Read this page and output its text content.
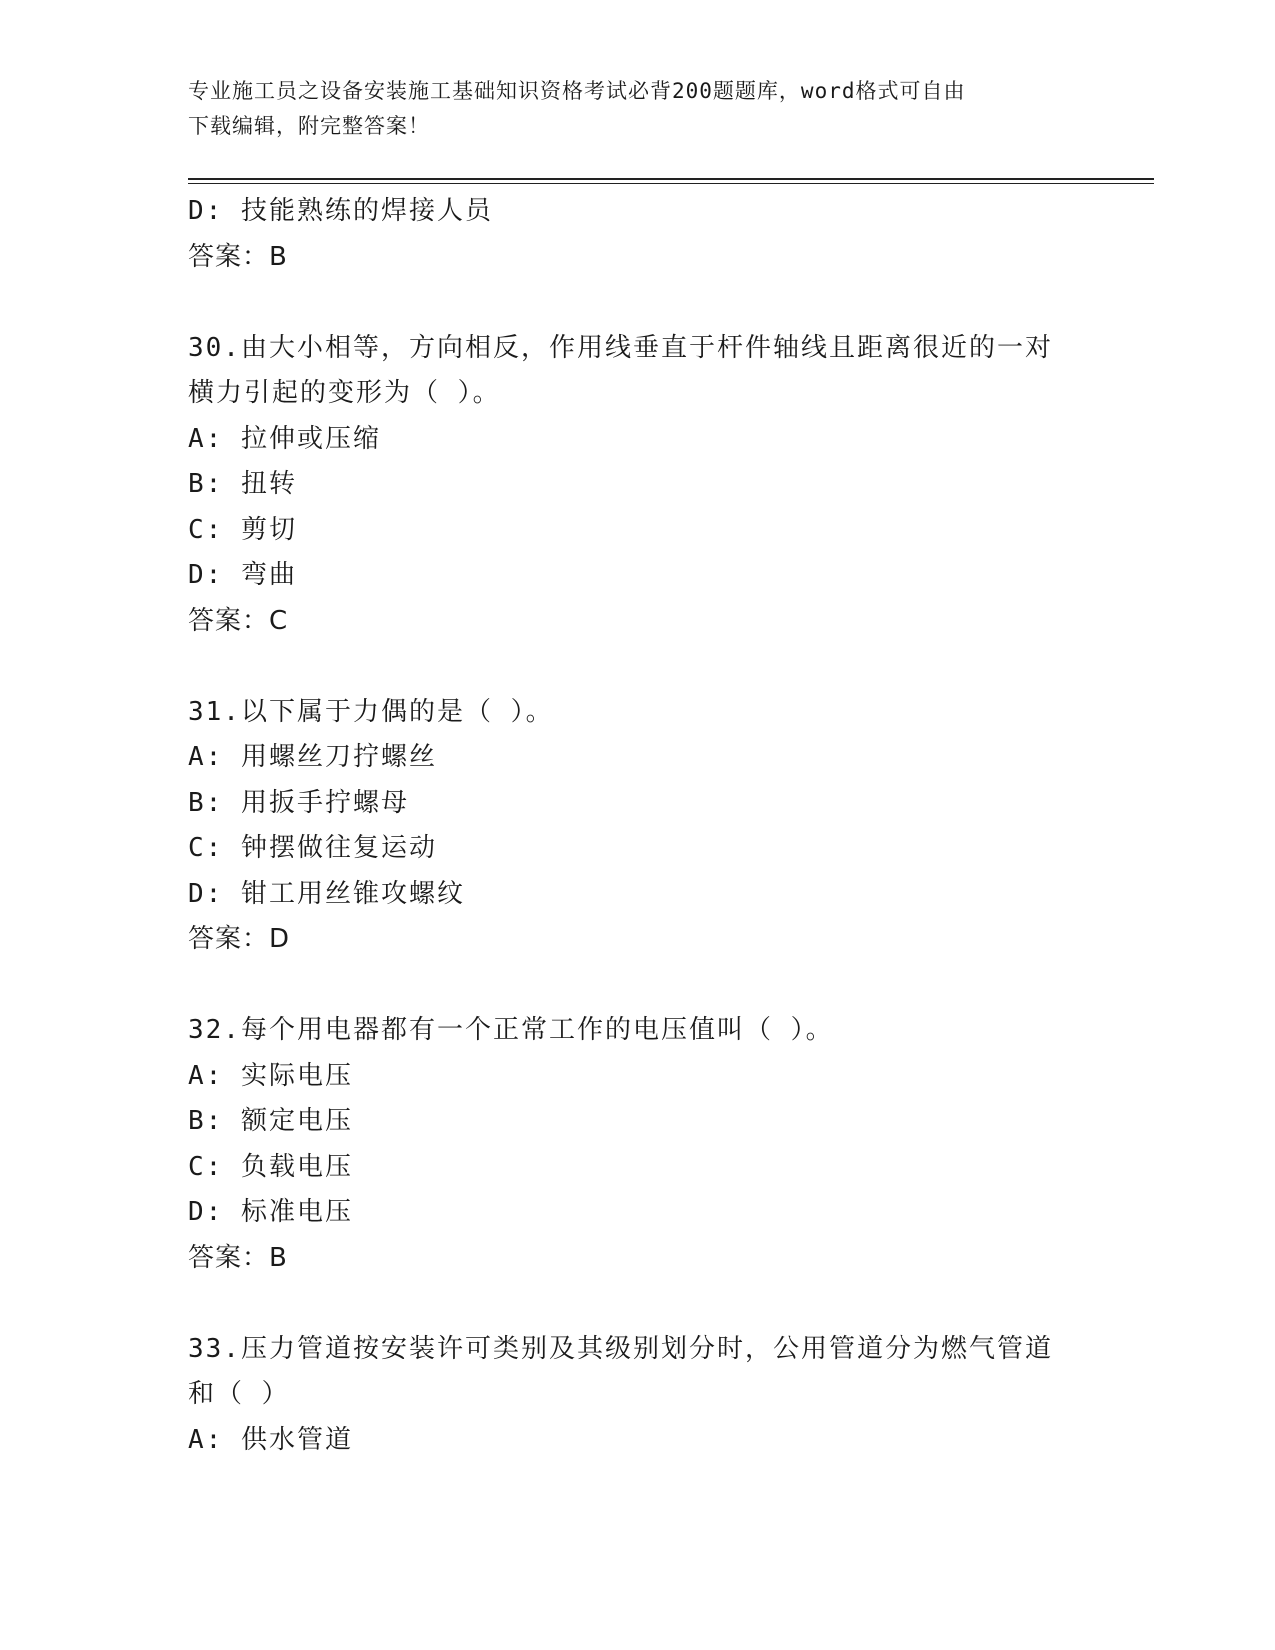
专业施工员之设备安装施工基础知识资格考试必背200题题库，word格式可自由
下载编辑，附完整答案！
D: 技能熟练的焊接人员
答案：B
30.由大小相等，方向相反，作用线垂直于杆件轴线且距离很近的一对
横力引起的变形为（ ）。
A: 拉伸或压缩
B: 扭转
C: 剪切
D: 弯曲
答案：C
31.以下属于力偶的是（ ）。
A: 用螺丝刀拧螺丝
B: 用扳手拧螺母
C: 钟摆做往复运动
D: 钳工用丝锥攻螺纹
答案：D
32.每个用电器都有一个正常工作的电压值叫（ ）。
A: 实际电压
B: 额定电压
C: 负载电压
D: 标准电压
答案：B
33.压力管道按安装许可类别及其级别划分时，公用管道分为燃气管道
和（ ）
A: 供水管道
